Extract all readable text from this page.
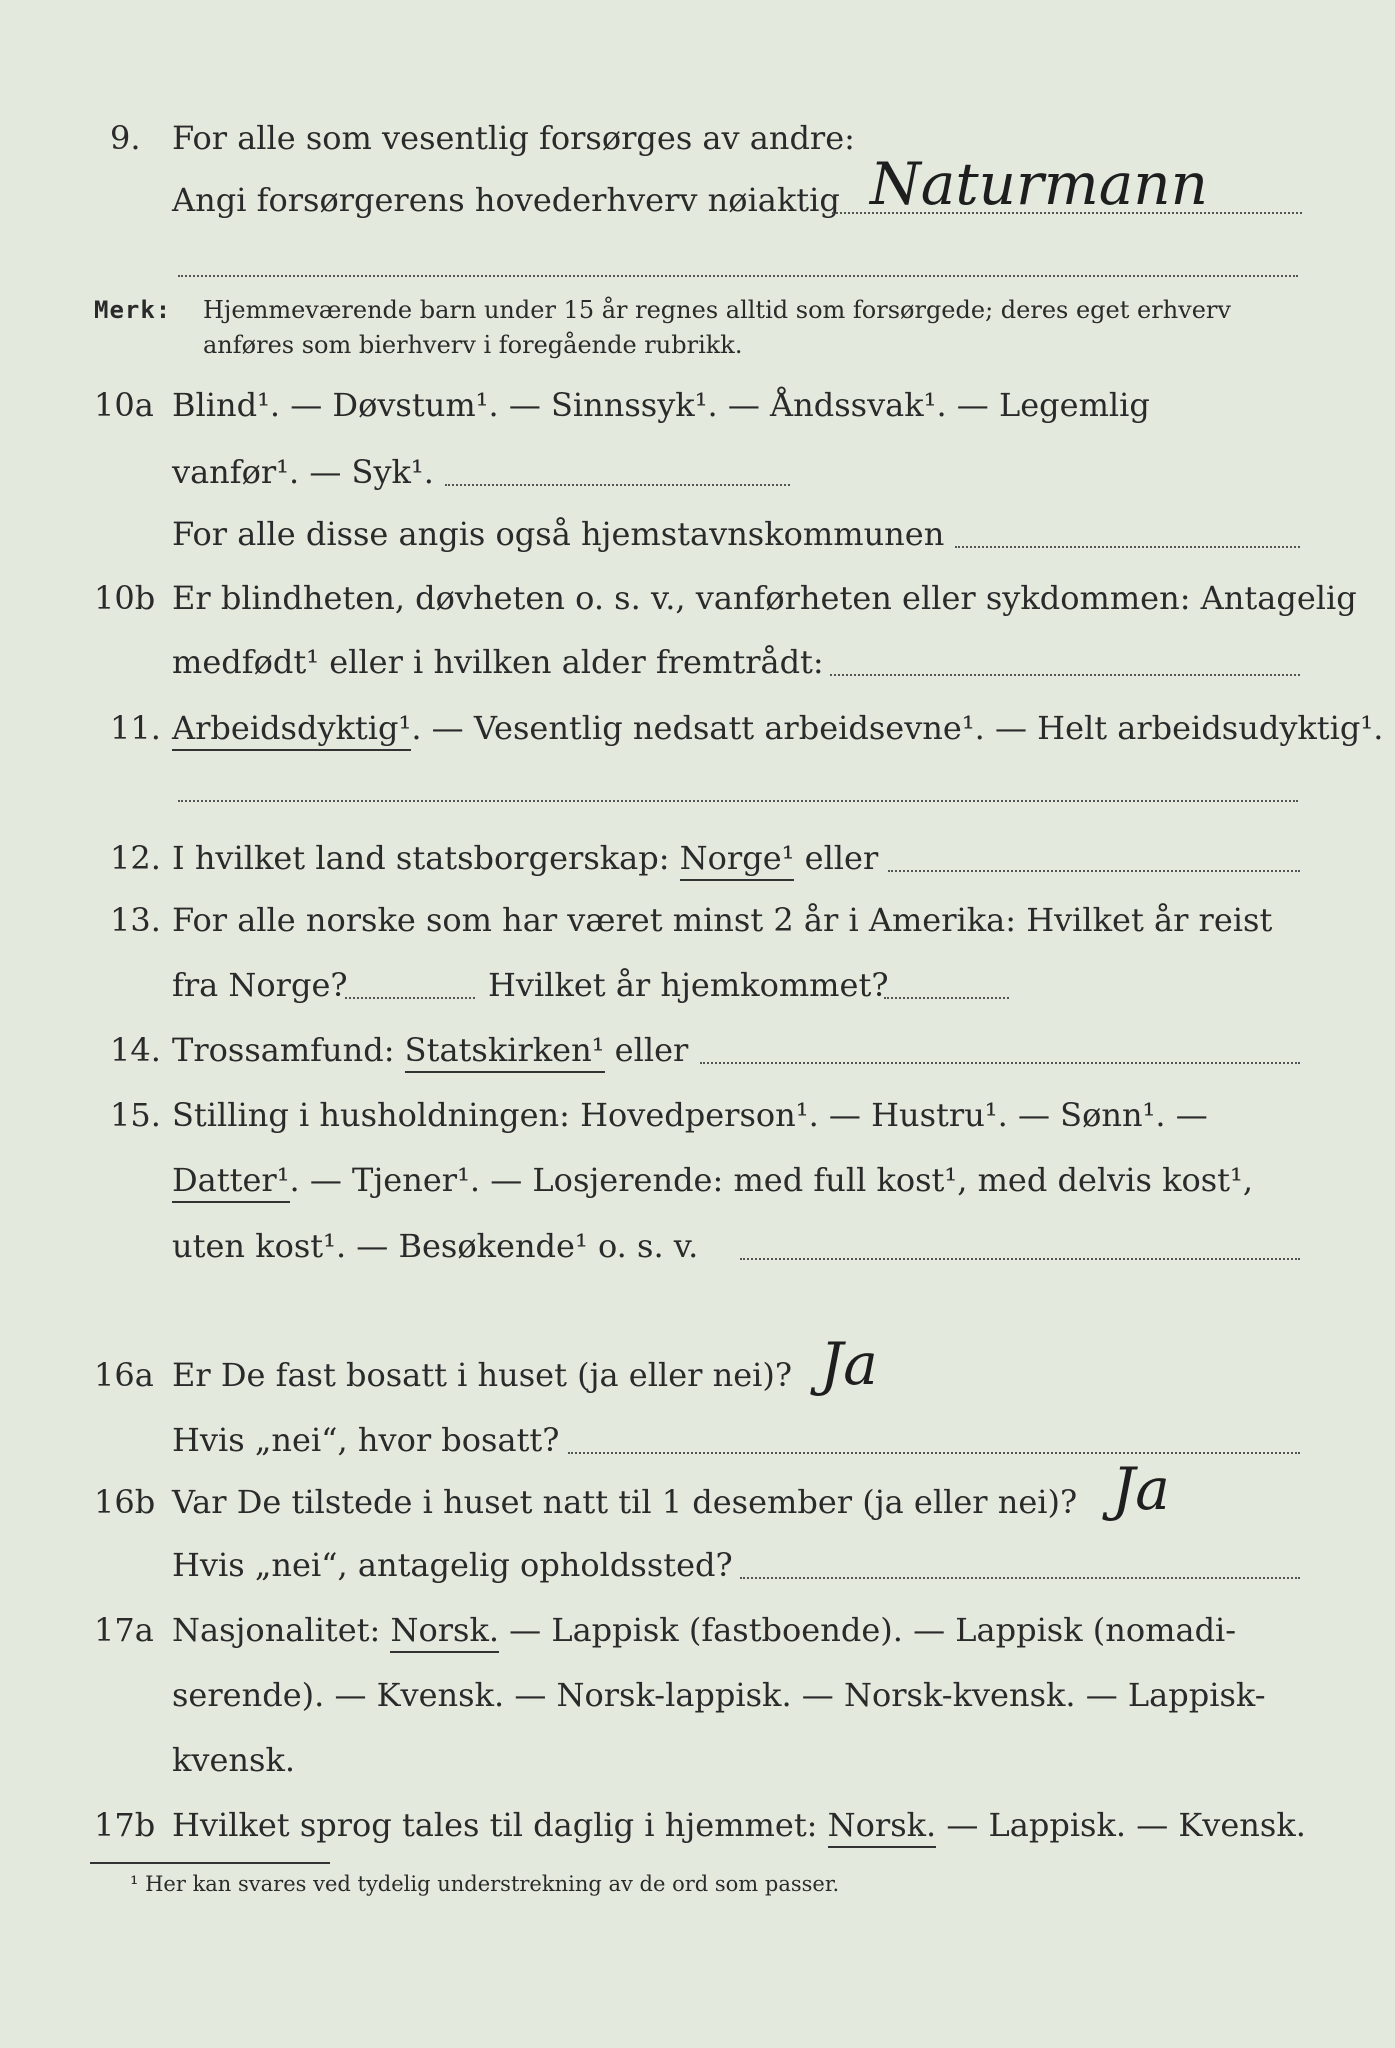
9. For alle som vesentlig forsørges av andre:
Angi forsørgerens hovederhverv nøiaktig Naturmann
Merk: Hjemmeværende barn under 15 år regnes alltid som forsørgede; deres eget erhverv
anføres som bierhverv i foregående rubrikk.
10a Blind¹. — Døvstum¹. — Sinnssyk¹. — Åndssvak¹. — Legemlig
vanfør¹. — Syk¹.
For alle disse angis også hjemstavnskommunen
10b Er blindheten, døvheten o. s. v., vanførheten eller sykdommen: Antagelig
medfødt¹ eller i hvilken alder fremtrådt:
11. Arbeidsdyktig¹. — Vesentlig nedsatt arbeidsevne¹. — Helt arbeidsudyktig¹.
12. I hvilket land statsborgerskap: Norge¹ eller
13. For alle norske som har været minst 2 år i Amerika: Hvilket år reist
fra Norge?	Hvilket år hjemkommet?
14. Trossamfund: Statskirken¹ eller
15. Stilling i husholdningen: Hovedperson¹. — Hustru¹. — Sønn¹. —
Datter¹. — Tjener¹. — Losjerende: med full kost¹, med delvis kost¹,
uten kost¹. — Besøkende¹ o. s. v.
16a Er De fast bosatt i huset (ja eller nei)? Ja
Hvis „nei“, hvor bosatt?
16b Var De tilstede i huset natt til 1 desember (ja eller nei)? Ja
Hvis „nei“, antagelig opholdssted?
17a Nasjonalitet: Norsk. — Lappisk (fastboende). — Lappisk (nomadi-
serende). — Kvensk. — Norsk-lappisk. — Norsk-kvensk. — Lappisk-
kvensk.
17b Hvilket sprog tales til daglig i hjemmet: Norsk. — Lappisk. — Kvensk.
¹ Her kan svares ved tydelig understrekning av de ord som passer.
